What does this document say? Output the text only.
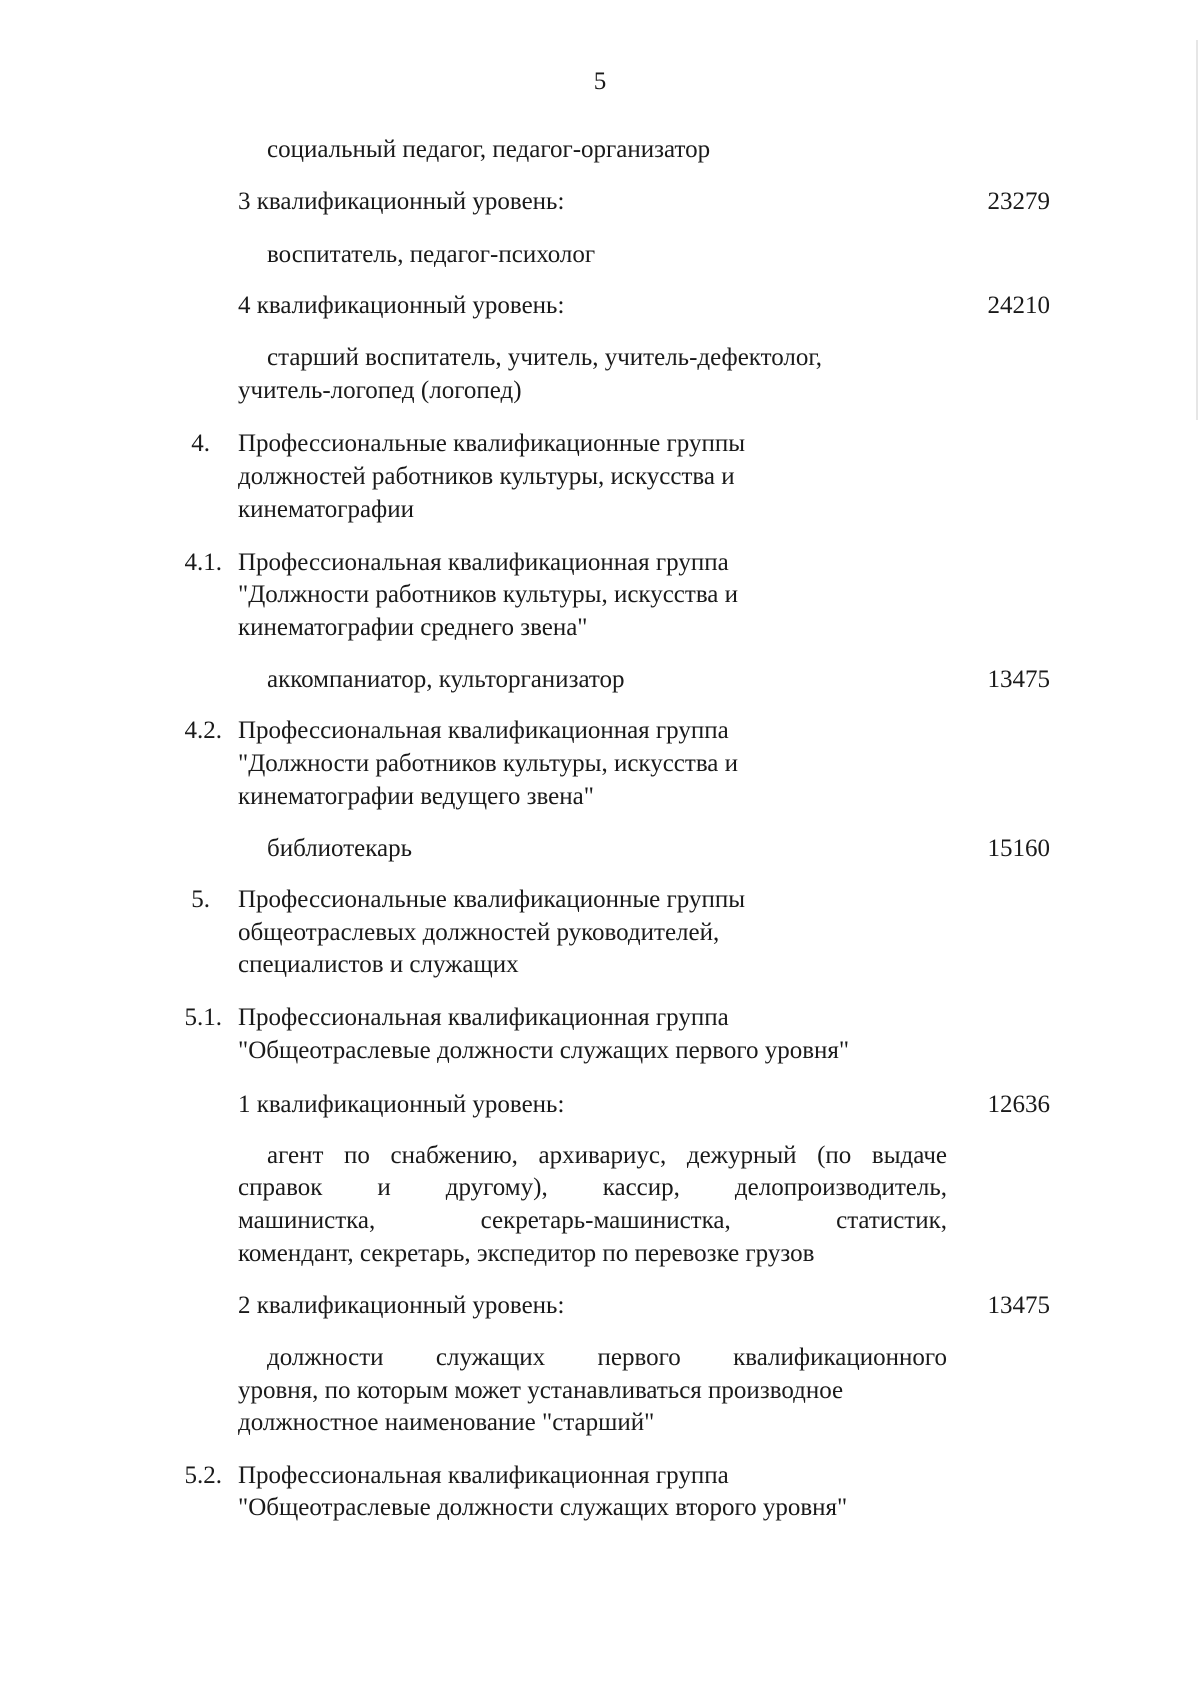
5
социальный педагог, педагог-организатор
3 квалификационный уровень:	23279
воспитатель, педагог-психолог
4 квалификационный уровень:	24210
старший воспитатель, учитель, учитель-дефектолог,
учитель-логопед (логопед)
4. Профессиональные квалификационные группы
должностей работников культуры, искусства и
кинематографии
4.1. Профессиональная квалификационная группа
"Должности работников культуры, искусства и
кинематографии среднего звена"
аккомпаниатор, культорганизатор	13475
4.2. Профессиональная квалификационная группа
"Должности работников культуры, искусства и
кинематографии ведущего звена"
библиотекарь	15160
5. Профессиональные квалификационные группы
общеотраслевых должностей руководителей,
специалистов и служащих
5.1. Профессиональная квалификационная группа
"Общеотраслевые должности служащих первого уровня"
1 квалификационный уровень:	12636
агент по снабжению, архивариус, дежурный (по выдаче
справок и другому), кассир, делопроизводитель,
машинистка, секретарь-машинистка, статистик,
комендант, секретарь, экспедитор по перевозке грузов
2 квалификационный уровень:	13475
должности служащих первого квалификационного
уровня, по которым может устанавливаться производное
должностное наименование "старший"
5.2. Профессиональная квалификационная группа
"Общеотраслевые должности служащих второго уровня"
